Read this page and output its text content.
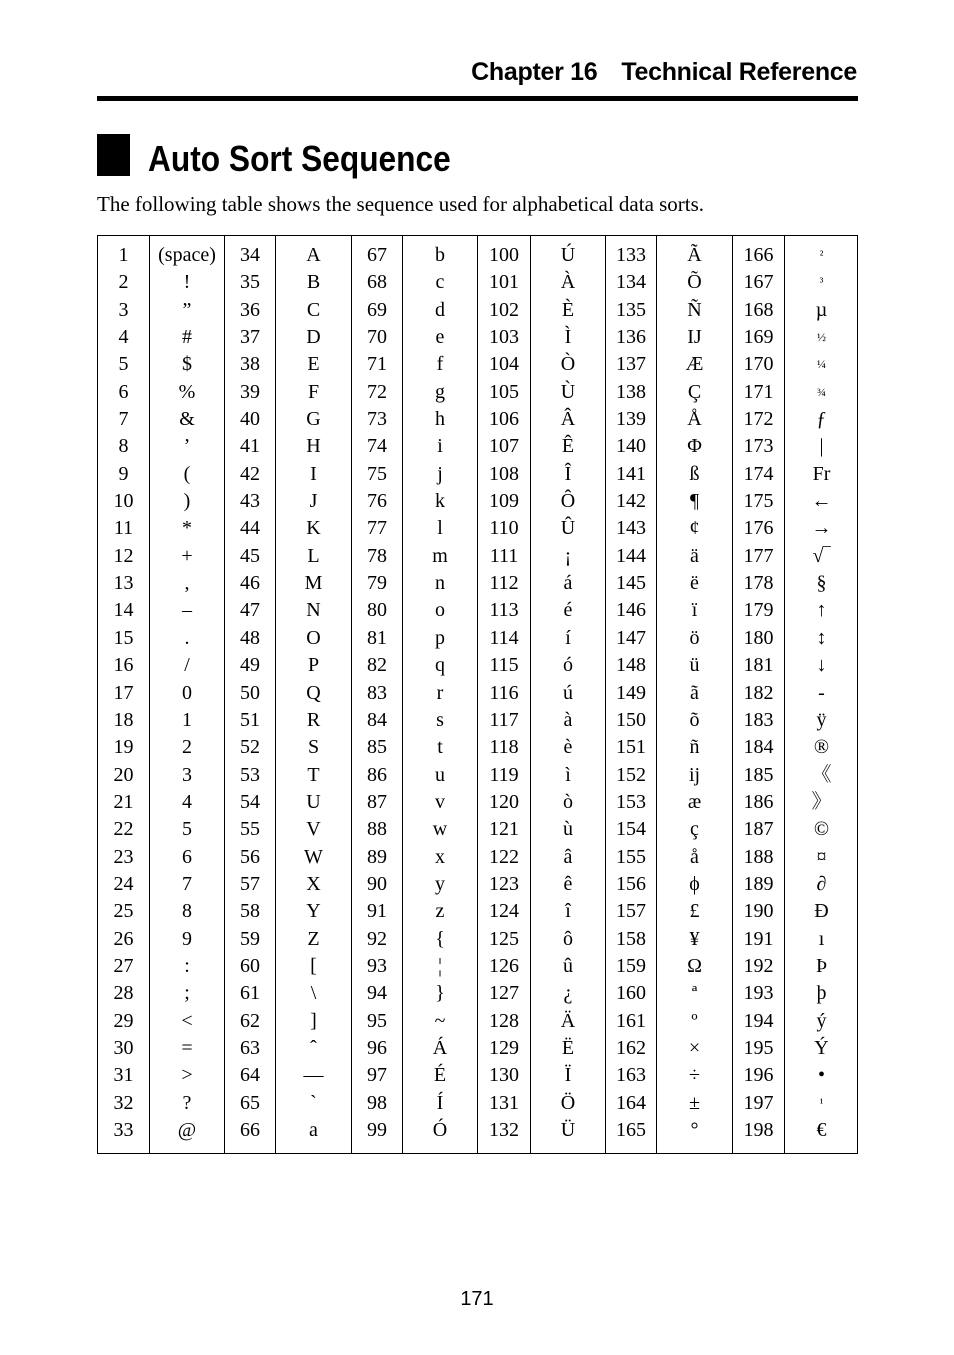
Chapter 16 Technical Reference
Auto Sort Sequence
The following table shows the sequence used for alphabetical data sorts.
1
2
3
4
5
6
7
8
9
10
11
12
13
14
15
16
17
18
19
20
21
22
23
24
25
26
27
28
29
30
31
32
33
(space)
!
”
#
$
%
&
’
(
)
*
+
,
–
.
/
0
1
2
3
4
5
6
7
8
9
:
;
<
=
>
?
@
34
35
36
37
38
39
40
41
42
43
44
45
46
47
48
49
50
51
52
53
54
55
56
57
58
59
60
61
62
63
64
65
66
A
B
C
D
E
F
G
H
I
J
K
L
M
N
O
P
Q
R
S
T
U
V
W
X
Y
Z
[
\
]
ˆ
—
ˋ
a
67
68
69
70
71
72
73
74
75
76
77
78
79
80
81
82
83
84
85
86
87
88
89
90
91
92
93
94
95
96
97
98
99
b
c
d
e
f
g
h
i
j
k
l
m
n
o
p
q
r
s
t
u
v
w
x
y
z
{
¦
}
~
Á
É
Í
Ó
100
101
102
103
104
105
106
107
108
109
110
111
112
113
114
115
116
117
118
119
120
121
122
123
124
125
126
127
128
129
130
131
132
Ú
À
È
Ì
Ò
Ù
Â
Ê
Î
Ô
Û
¡
á
é
í
ó
ú
à
è
ì
ò
ù
â
ê
î
ô
û
¿
Ä
Ë
Ï
Ö
Ü
133
134
135
136
137
138
139
140
141
142
143
144
145
146
147
148
149
150
151
152
153
154
155
156
157
158
159
160
161
162
163
164
165
Ã
Õ
Ñ
IJ
Æ
Ç
Å
Φ
ß
¶
¢
ä
ë
ï
ö
ü
ã
õ
ñ
ij
æ
ç
å
ϕ
£
¥
Ω
ª
º
×
÷
±
°
166
167
168
169
170
171
172
173
174
175
176
177
178
179
180
181
182
183
184
185
186
187
188
189
190
191
192
193
194
195
196
197
198
²
³
µ
½
¼
¾
ƒ
|
Fr
←
→
√‾
§
↑
↕
↓
-
ÿ
®
《
》
©
¤
∂
Đ
ı
Þ
þ
ý
Ý
•
¹
€
171
